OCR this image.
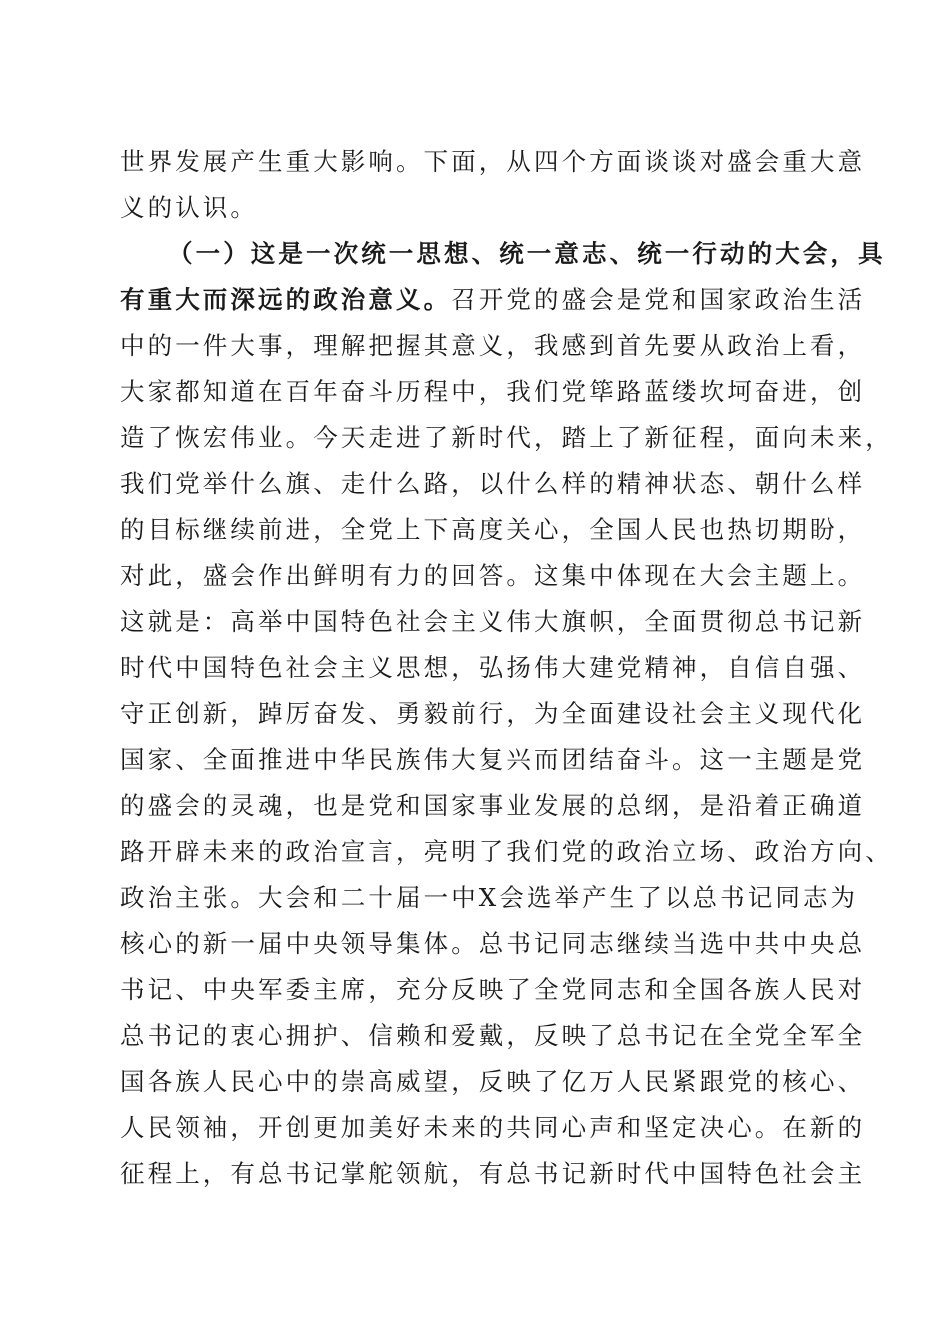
世界发展产生重大影响。下面，从四个方面谈谈对盛会重大意
义的认识。
（一）这是一次统一思想、统一意志、统一行动的大会，具
有重大而深远的政治意义。召开党的盛会是党和国家政治生活
中的一件大事，理解把握其意义，我感到首先要从政治上看，
大家都知道在百年奋斗历程中，我们党筚路蓝缕坎坷奋进，创
造了恢宏伟业。今天走进了新时代，踏上了新征程，面向未来，
我们党举什么旗、走什么路，以什么样的精神状态、朝什么样
的目标继续前进，全党上下高度关心，全国人民也热切期盼，
对此，盛会作出鲜明有力的回答。这集中体现在大会主题上。
这就是：高举中国特色社会主义伟大旗帜，全面贯彻总书记新
时代中国特色社会主义思想，弘扬伟大建党精神，自信自强、
守正创新，踔厉奋发、勇毅前行，为全面建设社会主义现代化
国家、全面推进中华民族伟大复兴而团结奋斗。这一主题是党
的盛会的灵魂，也是党和国家事业发展的总纲，是沿着正确道
路开辟未来的政治宣言，亮明了我们党的政治立场、政治方向、
政治主张。大会和二十届一中X会选举产生了以总书记同志为
核心的新一届中央领导集体。总书记同志继续当选中共中央总
书记、中央军委主席，充分反映了全党同志和全国各族人民对
总书记的衷心拥护、信赖和爱戴，反映了总书记在全党全军全
国各族人民心中的崇高威望，反映了亿万人民紧跟党的核心、
人民领袖，开创更加美好未来的共同心声和坚定决心。在新的
征程上，有总书记掌舵领航，有总书记新时代中国特色社会主
